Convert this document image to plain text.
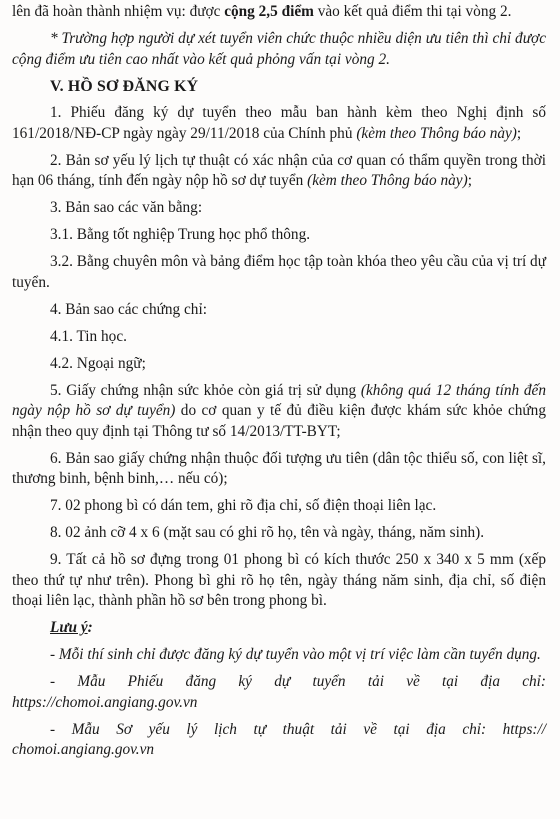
lên đã hoàn thành nhiệm vụ: được cộng 2,5 điểm vào kết quả điểm thi tại vòng 2.

* Trường hợp người dự xét tuyển viên chức thuộc nhiều diện ưu tiên thì chỉ được cộng điểm ưu tiên cao nhất vào kết quả phỏng vấn tại vòng 2.

V. HỒ SƠ ĐĂNG KÝ

1. Phiếu đăng ký dự tuyển theo mẫu ban hành kèm theo Nghị định số 161/2018/NĐ-CP ngày ngày 29/11/2018 của Chính phủ (kèm theo Thông báo này);

2. Bản sơ yếu lý lịch tự thuật có xác nhận của cơ quan có thẩm quyền trong thời hạn 06 tháng, tính đến ngày nộp hồ sơ dự tuyển (kèm theo Thông báo này);

3. Bản sao các văn bằng:

3.1. Bằng tốt nghiệp Trung học phổ thông.

3.2. Bằng chuyên môn và bảng điểm học tập toàn khóa theo yêu cầu của vị trí dự tuyển.

4. Bản sao các chứng chỉ:

4.1. Tin học.

4.2. Ngoại ngữ;

5. Giấy chứng nhận sức khỏe còn giá trị sử dụng (không quá 12 tháng tính đến ngày nộp hồ sơ dự tuyển) do cơ quan y tế đủ điều kiện được khám sức khỏe chứng nhận theo quy định tại Thông tư số 14/2013/TT-BYT;

6. Bản sao giấy chứng nhận thuộc đối tượng ưu tiên (dân tộc thiểu số, con liệt sĩ, thương binh, bệnh binh,… nếu có);

7. 02 phong bì có dán tem, ghi rõ địa chỉ, số điện thoại liên lạc.

8. 02 ảnh cỡ 4 x 6 (mặt sau có ghi rõ họ, tên và ngày, tháng, năm sinh).

9. Tất cả hồ sơ đựng trong 01 phong bì có kích thước 250 x 340 x 5 mm (xếp theo thứ tự như trên). Phong bì ghi rõ họ tên, ngày tháng năm sinh, địa chỉ, số điện thoại liên lạc, thành phần hồ sơ bên trong phong bì.

Lưu ý:

- Mỗi thí sinh chỉ được đăng ký dự tuyển vào một vị trí việc làm cần tuyển dụng.

- Mẫu Phiếu đăng ký dự tuyển tải về tại địa chỉ:
https://chomoi.angiang.gov.vn

- Mẫu Sơ yếu lý lịch tự thuật tải về tại địa chỉ: https://
chomoi.angiang.gov.vn
